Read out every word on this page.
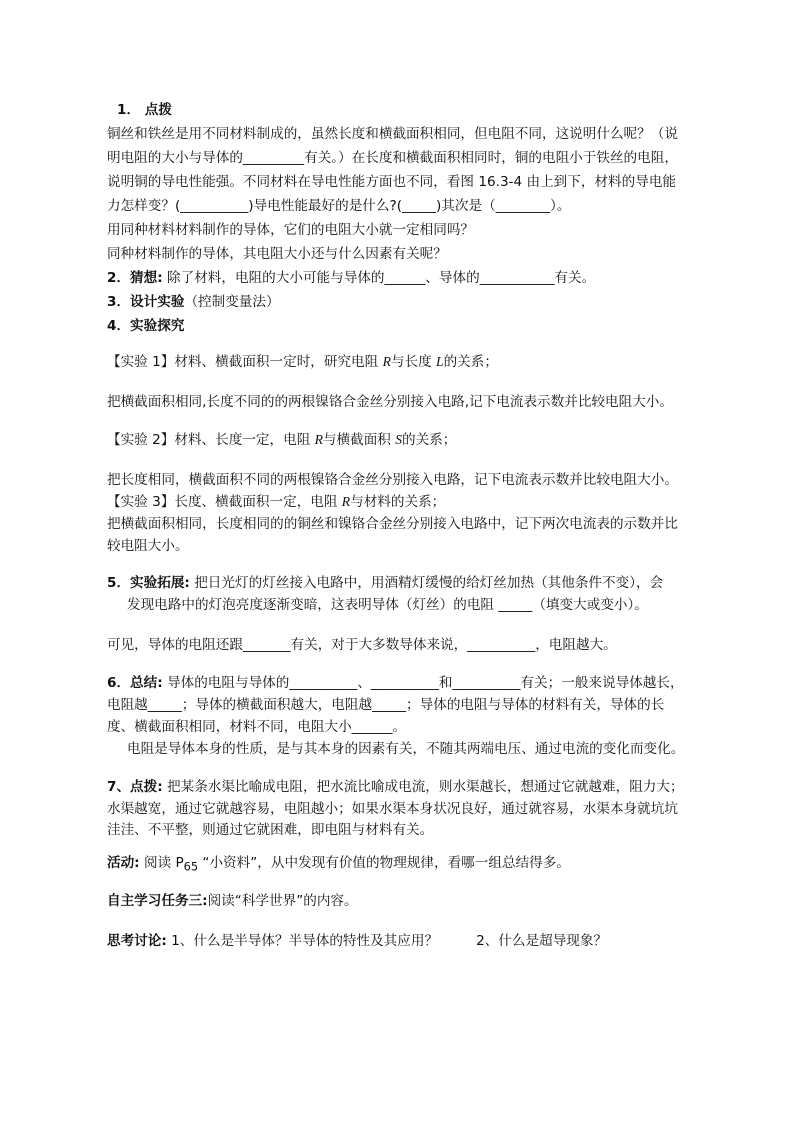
1． 点拨
铜丝和铁丝是用不同材料制成的，虽然长度和横截面积相同，但电阻不同，这说明什么呢？（说
明电阻的大小与导体的_________有关。）在长度和横截面积相同时，铜的电阻小于铁丝的电阻，
说明铜的导电性能强。不同材料在导电性能方面也不同，看图 16.3-4 由上到下，材料的导电能
力怎样变？(__________)导电性能最好的是什么?(_____)其次是（________）。
用同种材料材料制作的导体，它们的电阻大小就一定相同吗？
同种材料制作的导体，其电阻大小还与什么因素有关呢？
2．猜想: 除了材料，电阻的大小可能与导体的______、导体的___________有关。
3．设计实验（控制变量法）
4．实验探究
【实验 1】材料、横截面积一定时，研究电阻 R与长度 L的关系；
把横截面积相同,长度不同的的两根镍铬合金丝分别接入电路,记下电流表示数并比较电阻大小。
【实验 2】材料、长度一定，电阻 R与横截面积 S的关系；
把长度相同，横截面积不同的两根镍铬合金丝分别接入电路，记下电流表示数并比较电阻大小。
【实验 3】长度、横截面积一定，电阻 R与材料的关系；
把横截面积相同，长度相同的的铜丝和镍铬合金丝分别接入电路中，记下两次电流表的示数并比
较电阻大小。
5．实验拓展: 把日光灯的灯丝接入电路中，用酒精灯缓慢的给灯丝加热（其他条件不变），会
发现电路中的灯泡亮度逐渐变暗，这表明导体（灯丝）的电阻 _____（填变大或变小）。
可见，导体的电阻还跟_______有关，对于大多数导体来说，__________，电阻越大。
6．总结: 导体的电阻与导体的__________、__________和__________有关；一般来说导体越长，
电阻越_____；导体的横截面积越大，电阻越_____；导体的电阻与导体的材料有关，导体的长
度、横截面积相同，材料不同，电阻大小______。
电阻是导体本身的性质，是与其本身的因素有关，不随其两端电压、通过电流的变化而变化。
7、点拨: 把某条水渠比喻成电阻，把水流比喻成电流，则水渠越长，想通过它就越难，阻力大；
水渠越宽，通过它就越容易，电阻越小；如果水渠本身状况良好，通过就容易，水渠本身就坑坑
洼洼、不平整，则通过它就困难，即电阻与材料有关。
活动: 阅读 $P_{65}$ “小资料”，从中发现有价值的物理规律，看哪一组总结得多。
自主学习任务三:阅读“科学世界”的内容。
思考讨论: 1、什么是半导体？半导体的特性及其应用？	2、什么是超导现象？
